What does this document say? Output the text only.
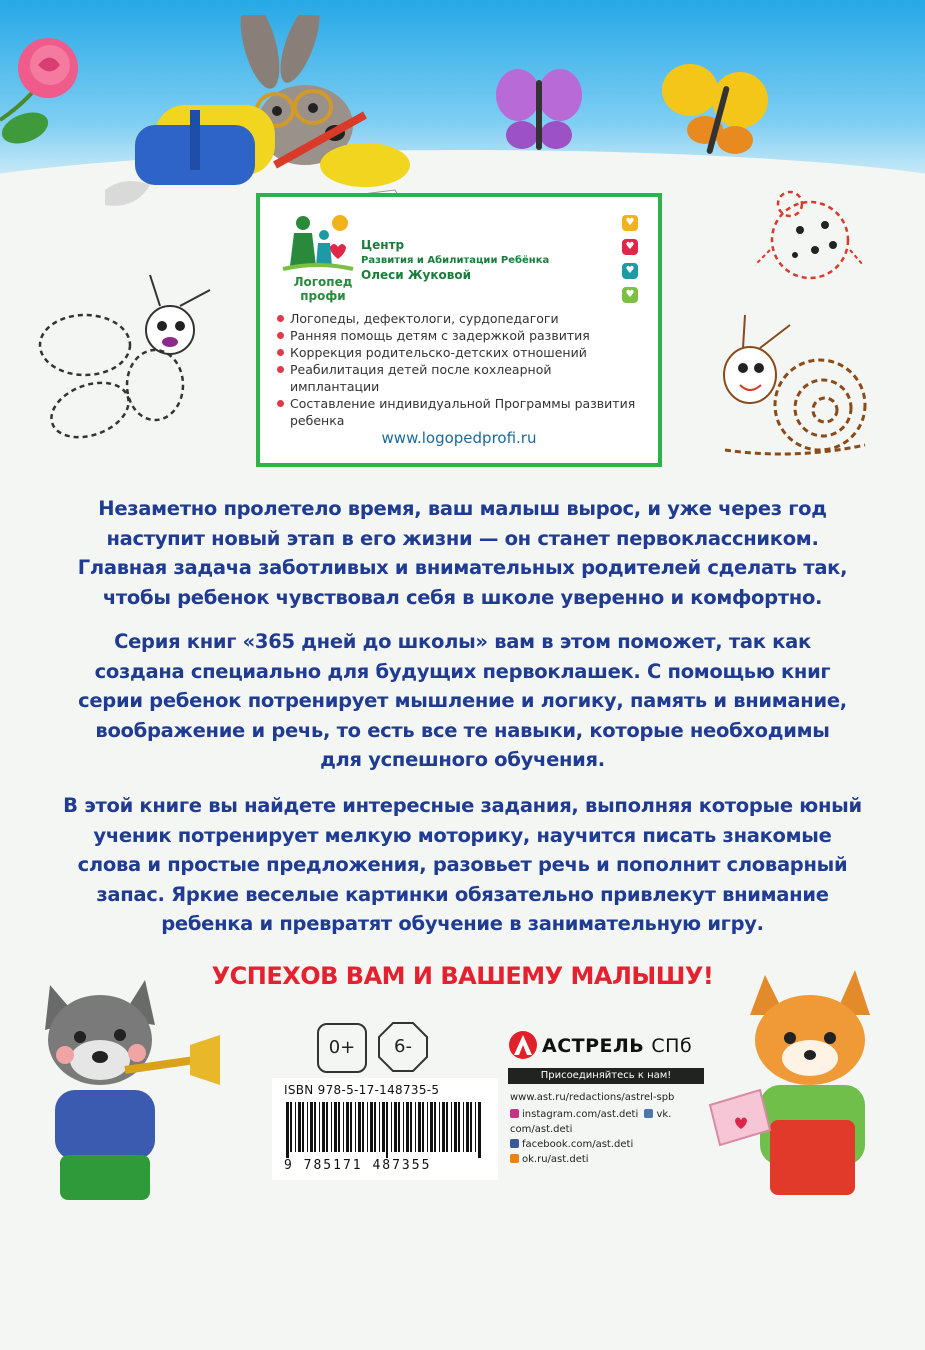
Логопед
профи
Центр
Развития и Абилитации Ребёнка
Олеси Жуковой
♥
♥
♥
♥
Логопеды, дефектологи, сурдопедагоги
Ранняя помощь детям с задержкой развития
Коррекция родительско-детских отношений
Реабилитация детей после кохлеарной имплантации
Составление индивидуальной Программы развития ребенка
www.logopedprofi.ru
Незаметно пролетело время, ваш малыш вырос, и уже через год
наступит новый этап в его жизни — он станет первоклассником.
Главная задача заботливых и внимательных родителей сделать так,
чтобы ребенок чувствовал себя в школе уверенно и комфортно.
Серия книг «365 дней до школы» вам в этом поможет, так как
создана специально для будущих первоклашек. С помощью книг
серии ребенок потренирует мышление и логику, память и внимание,
воображение и речь, то есть все те навыки, которые необходимы
для успешного обучения.
В этой книге вы найдете интересные задания, выполняя которые юный
ученик потренирует мелкую моторику, научится писать знакомые
слова и простые предложения, разовьет речь и пополнит словарный
запас. Яркие веселые картинки обязательно привлекут внимание
ребенка и превратят обучение в занимательную игру.
УСПЕХОВ ВАМ И ВАШЕМУ МАЛЫШУ!
0+	6-
ISBN 978-5-17-148735-5
9 785171 487355
АСТРЕЛЬ СПб
Присоединяйтесь к нам!
www.ast.ru/redactions/astrel-spb
instagram.com/ast.deti vk.
com/ast.deti
facebook.com/ast.deti
ok.ru/ast.deti
